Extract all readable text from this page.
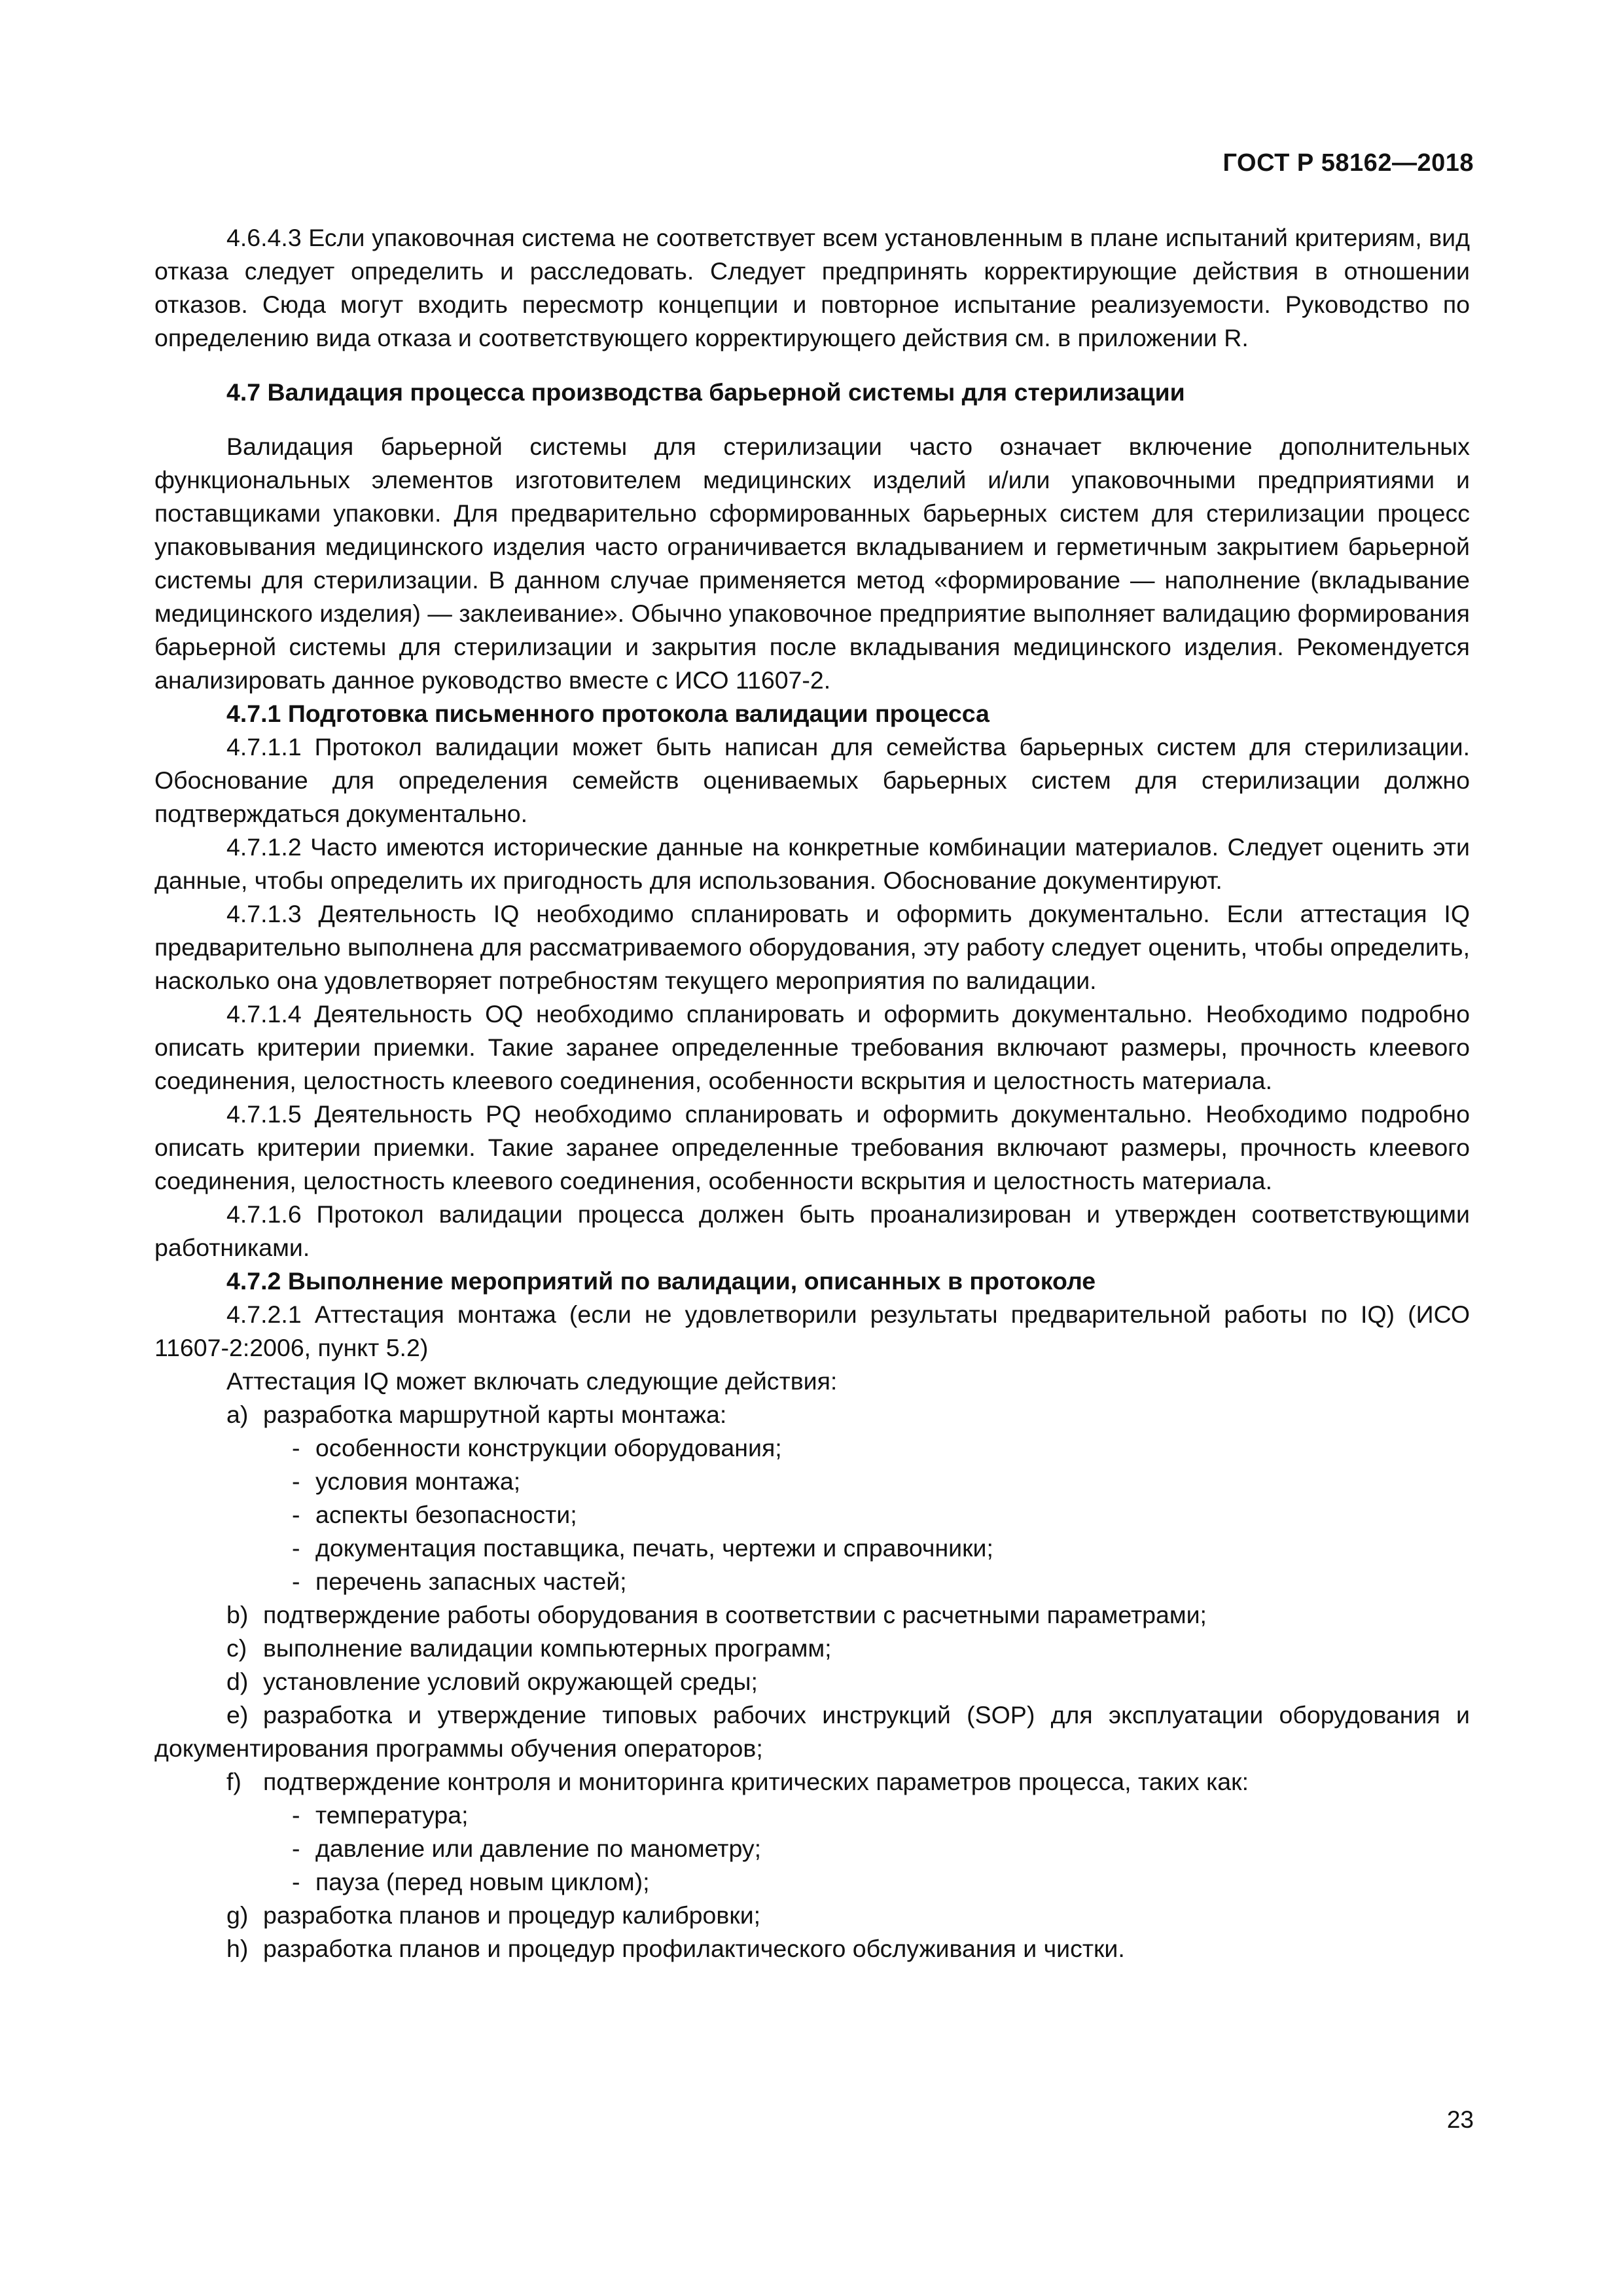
ГОСТ Р 58162—2018

4.6.4.3 Если упаковочная система не соответствует всем установленным в плане испытаний критериям, вид отказа следует определить и расследовать. Следует предпринять корректирующие действия в отношении отказов. Сюда могут входить пересмотр концепции и повторное испытание реализуемости. Руководство по определению вида отказа и соответствующего корректирующего действия см. в приложении R.

4.7 Валидация процесса производства барьерной системы для стерилизации

Валидация барьерной системы для стерилизации часто означает включение дополнительных функциональных элементов изготовителем медицинских изделий и/или упаковочными предприятиями и поставщиками упаковки. Для предварительно сформированных барьерных систем для стерилизации процесс упаковывания медицинского изделия часто ограничивается вкладыванием и герметичным закрытием барьерной системы для стерилизации. В данном случае применяется метод «формирование — наполнение (вкладывание медицинского изделия) — заклеивание». Обычно упаковочное предприятие выполняет валидацию формирования барьерной системы для стерилизации и закрытия после вкладывания медицинского изделия. Рекомендуется анализировать данное руководство вместе с ИСО 11607-2.

4.7.1 Подготовка письменного протокола валидации процесса

4.7.1.1 Протокол валидации может быть написан для семейства барьерных систем для стерилизации. Обоснование для определения семейств оцениваемых барьерных систем для стерилизации должно подтверждаться документально.

4.7.1.2 Часто имеются исторические данные на конкретные комбинации материалов. Следует оценить эти данные, чтобы определить их пригодность для использования. Обоснование документируют.

4.7.1.3 Деятельность IQ необходимо спланировать и оформить документально. Если аттестация IQ предварительно выполнена для рассматриваемого оборудования, эту работу следует оценить, чтобы определить, насколько она удовлетворяет потребностям текущего мероприятия по валидации.

4.7.1.4 Деятельность OQ необходимо спланировать и оформить документально. Необходимо подробно описать критерии приемки. Такие заранее определенные требования включают размеры, прочность клеевого соединения, целостность клеевого соединения, особенности вскрытия и целостность материала.

4.7.1.5 Деятельность PQ необходимо спланировать и оформить документально. Необходимо подробно описать критерии приемки. Такие заранее определенные требования включают размеры, прочность клеевого соединения, целостность клеевого соединения, особенности вскрытия и целостность материала.

4.7.1.6 Протокол валидации процесса должен быть проанализирован и утвержден соответствующими работниками.

4.7.2 Выполнение мероприятий по валидации, описанных в протоколе

4.7.2.1 Аттестация монтажа (если не удовлетворили результаты предварительной работы по IQ) (ИСО 11607-2:2006, пункт 5.2)

Аттестация IQ может включать следующие действия:

a) разработка маршрутной карты монтажа:

- особенности конструкции оборудования;

- условия монтажа;

- аспекты безопасности;

- документация поставщика, печать, чертежи и справочники;

- перечень запасных частей;

b) подтверждение работы оборудования в соответствии с расчетными параметрами;

c) выполнение валидации компьютерных программ;

d) установление условий окружающей среды;

e) разработка и утверждение типовых рабочих инструкций (SOP) для эксплуатации оборудования и документирования программы обучения операторов;

f) подтверждение контроля и мониторинга критических параметров процесса, таких как:

- температура;

- давление или давление по манометру;

- пауза (перед новым циклом);

g) разработка планов и процедур калибровки;

h) разработка планов и процедур профилактического обслуживания и чистки.

23
